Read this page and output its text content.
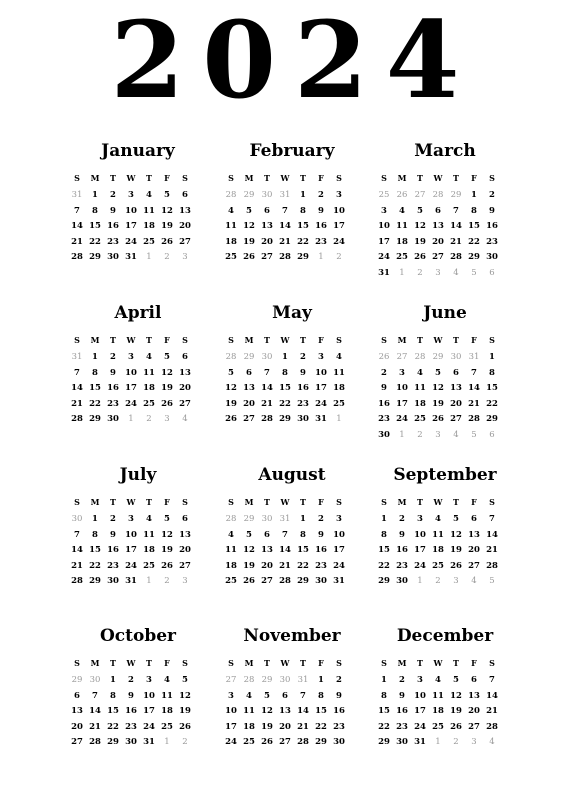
2024
January
S	M	T	W	T	F	S
31	1	2	3	4	5	6
7	8	9	10 11 12 13
14 15 16 17 18 19 20
21 22 23 24 25 26 27
28 29 30 31	1	2	3
February
S	M	T	W	T	F	S
28 29 30 31	1	2	3
4	5	6	7	8	9	10
11 12 13 14 15 16 17
18 19 20 21 22 23 24
25 26 27 28 29	1	2
March
S	M	T	W	T	F	S
25 26 27 28 29	1	2
3	4	5	6	7	8	9
10 11 12 13 14 15 16
17 18 19 20 21 22 23
24 25 26 27 28 29 30
31	1	2	3	4	5	6
April
S	M	T	W	T	F	S
31	1	2	3	4	5	6
7	8	9	10 11 12 13
14 15 16 17 18 19 20
21 22 23 24 25 26 27
28 29 30	1	2	3	4
May
S	M	T	W	T	F	S
28 29 30	1	2	3	4
5	6	7	8	9	10 11
12 13 14 15 16 17 18
19 20 21 22 23 24 25
26 27 28 29 30 31	1
June
S	M	T	W	T	F	S
26 27 28 29 30 31	1
2	3	4	5	6	7	8
9	10 11 12 13 14 15
16 17 18 19 20 21 22
23 24 25 26 27 28 29
30	1	2	3	4	5	6
July
S	M	T	W	T	F	S
30	1	2	3	4	5	6
7	8	9	10 11 12 13
14 15 16 17 18 19 20
21 22 23 24 25 26 27
28 29 30 31	1	2	3
August
S	M	T	W	T	F	S
28 29 30 31	1	2	3
4	5	6	7	8	9	10
11 12 13 14 15 16 17
18 19 20 21 22 23 24
25 26 27 28 29 30 31
September
S	M	T	W	T	F	S
1	2	3	4	5	6	7
8	9	10 11 12 13 14
15 16 17 18 19 20 21
22 23 24 25 26 27 28
29 30	1	2	3	4	5
October
S	M	T	W	T	F	S
29 30	1	2	3	4	5
6	7	8	9	10 11 12
13 14 15 16 17 18 19
20 21 22 23 24 25 26
27 28 29 30 31	1	2
November
S	M	T	W	T	F	S
27 28 29 30 31	1	2
3	4	5	6	7	8	9
10 11 12 13 14 15 16
17 18 19 20 21 22 23
24 25 26 27 28 29 30
December
S	M	T	W	T	F	S
1	2	3	4	5	6	7
8	9	10 11 12 13 14
15 16 17 18 19 20 21
22 23 24 25 26 27 28
29 30 31	1	2	3	4
